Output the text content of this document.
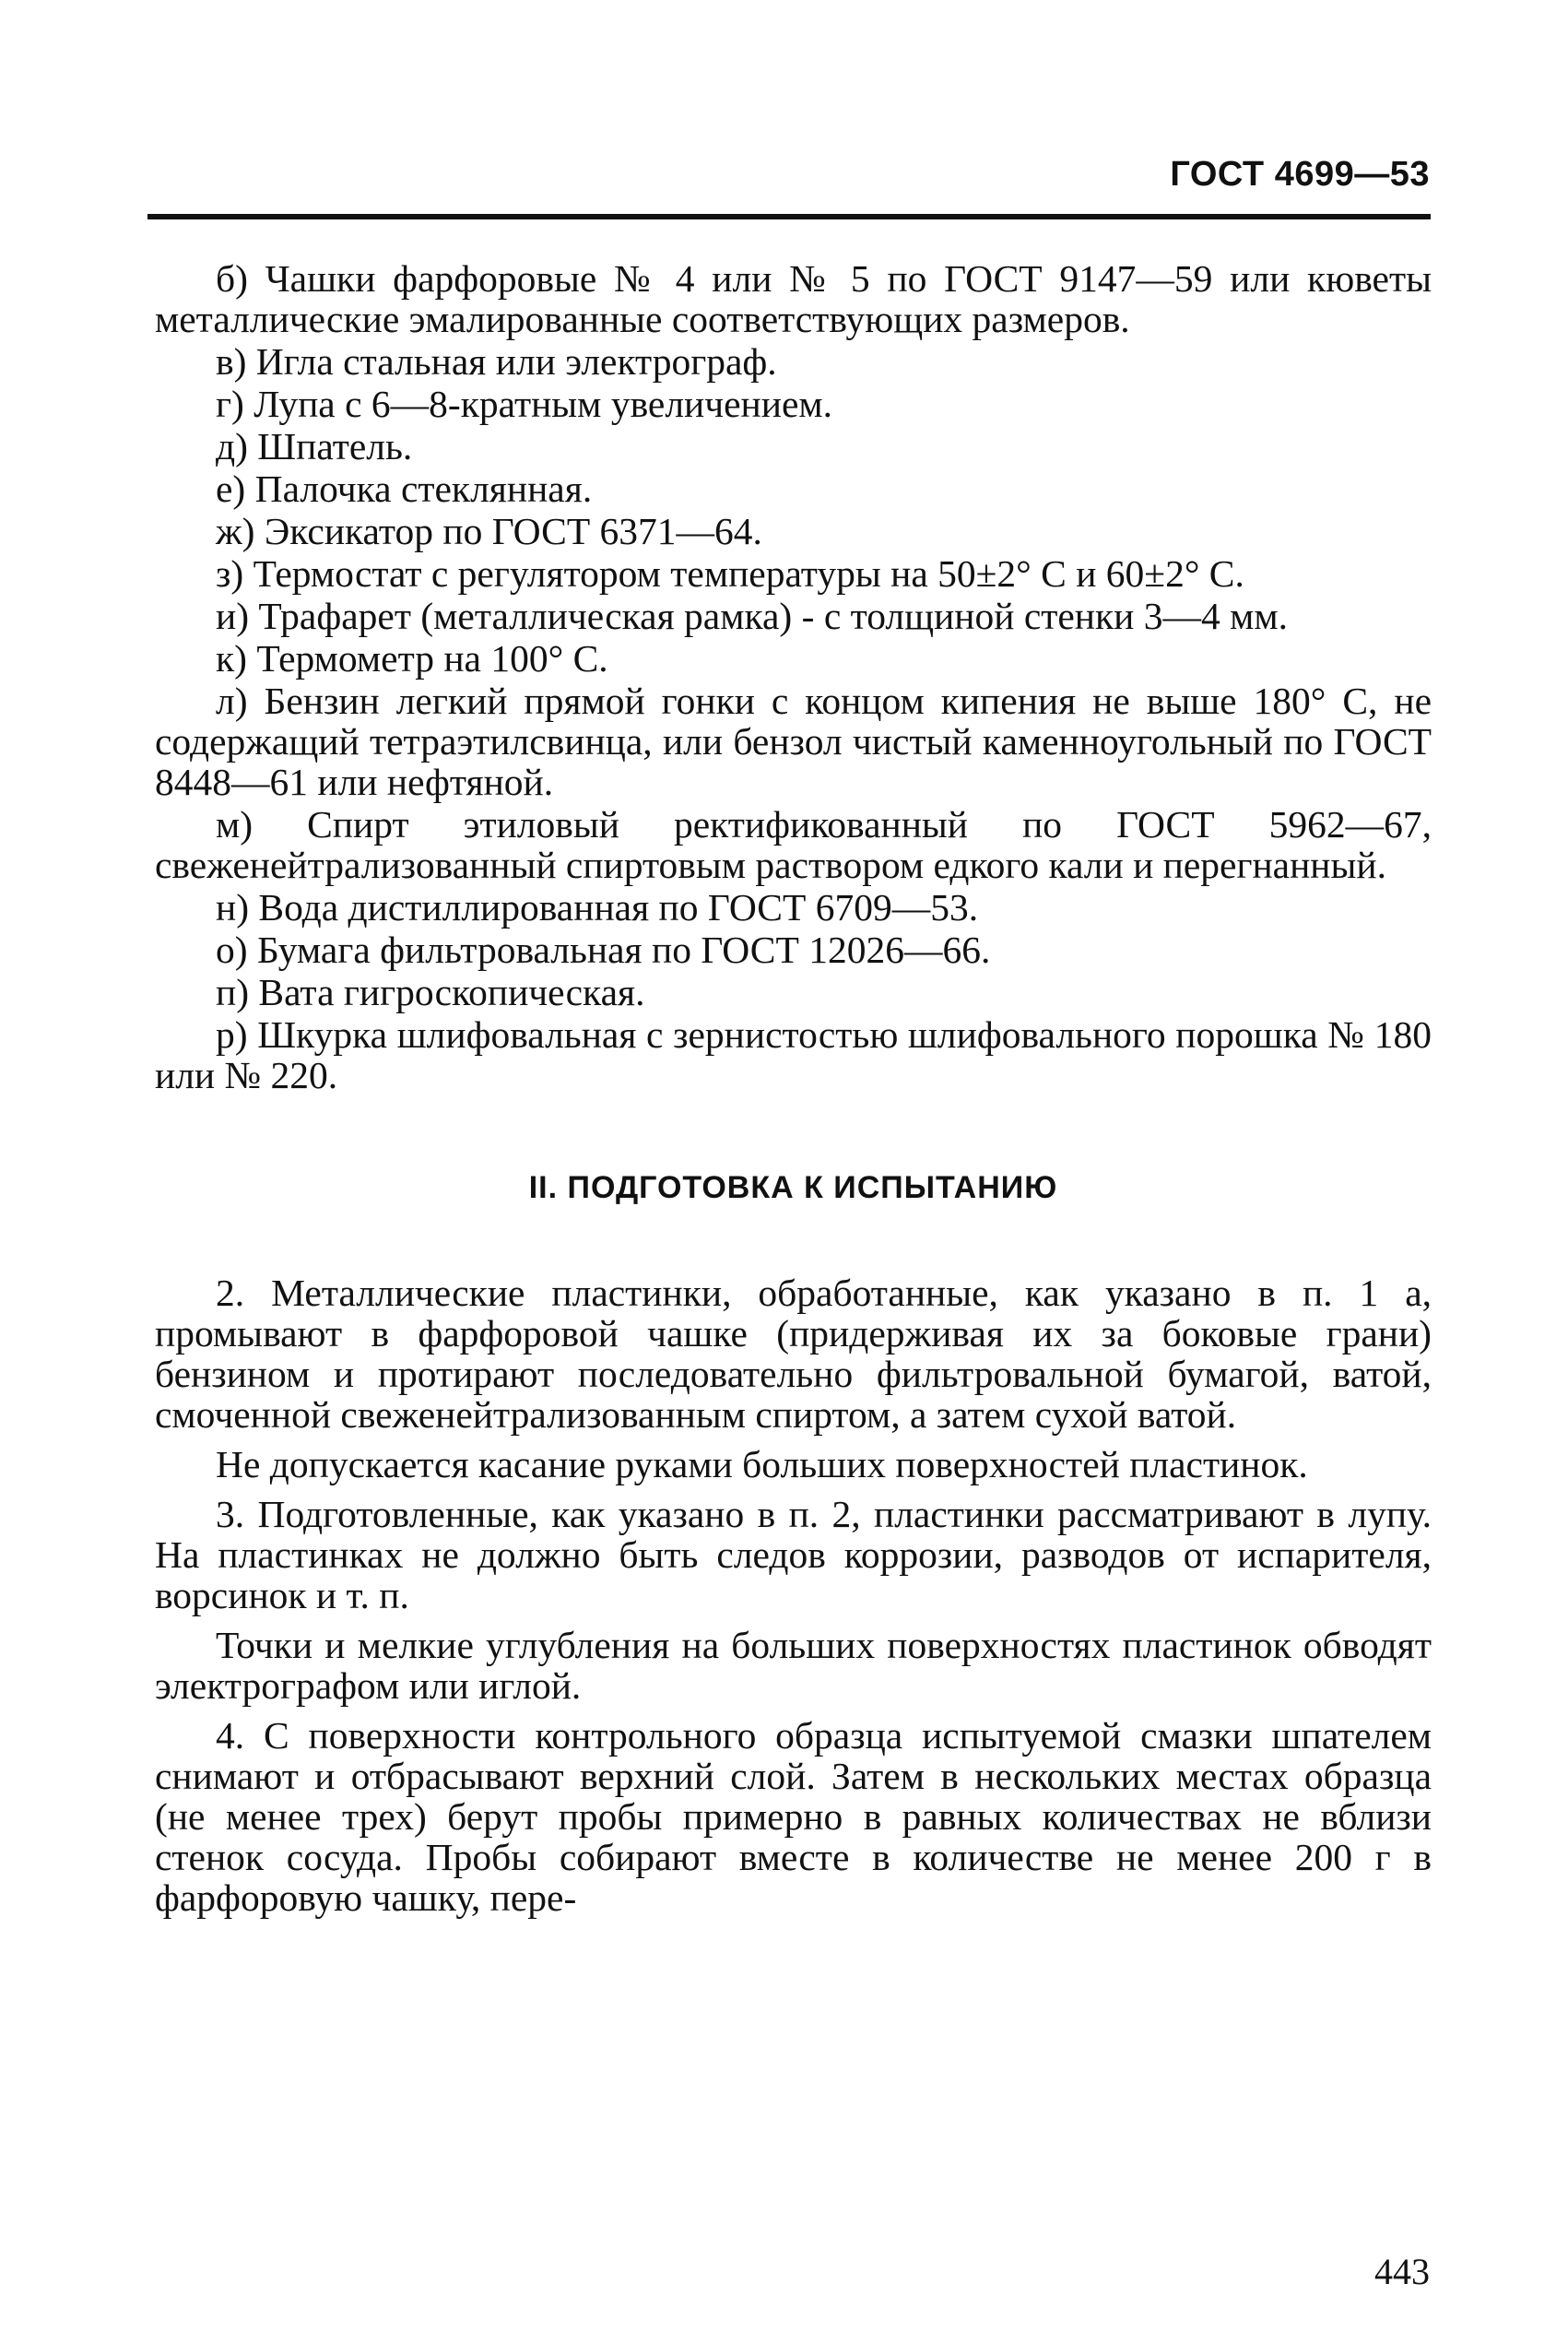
ГОСТ 4699—53

б) Чашки фарфоровые № 4 или № 5 по ГОСТ 9147—59 или кюветы металлические эмалированные соответствующих размеров.

в) Игла стальная или электрограф.

г) Лупа с 6—8-кратным увеличением.

д) Шпатель.

е) Палочка стеклянная.

ж) Эксикатор по ГОСТ 6371—64.

з) Термостат с регулятором температуры на 50±2° С и 60±2° С.

и) Трафарет (металлическая рамка) - с толщиной стенки 3—4 мм.

к) Термометр на 100° С.

л) Бензин легкий прямой гонки с концом кипения не выше 180° С, не содержащий тетраэтилсвинца, или бензол чистый каменноугольный по ГОСТ 8448—61 или нефтяной.

м) Спирт этиловый ректификованный по ГОСТ 5962—67, свеженейтрализованный спиртовым раствором едкого кали и перегнанный.

н) Вода дистиллированная по ГОСТ 6709—53.

о) Бумага фильтровальная по ГОСТ 12026—66.

п) Вата гигроскопическая.

р) Шкурка шлифовальная с зернистостью шлифовального порошка № 180 или № 220.

II. ПОДГОТОВКА К ИСПЫТАНИЮ

2. Металлические пластинки, обработанные, как указано в п. 1 а, промывают в фарфоровой чашке (придерживая их за боковые грани) бензином и протирают последовательно фильтровальной бумагой, ватой, смоченной свеженейтрализованным спиртом, а затем сухой ватой.

Не допускается касание руками больших поверхностей пластинок.

3. Подготовленные, как указано в п. 2, пластинки рассматривают в лупу. На пластинках не должно быть следов коррозии, разводов от испарителя, ворсинок и т. п.

Точки и мелкие углубления на больших поверхностях пластинок обводят электрографом или иглой.

4. С поверхности контрольного образца испытуемой смазки шпателем снимают и отбрасывают верхний слой. Затем в нескольких местах образца (не менее трех) берут пробы примерно в равных количествах не вблизи стенок сосуда. Пробы собирают вместе в количестве не менее 200 г в фарфоровую чашку, пере-

443
